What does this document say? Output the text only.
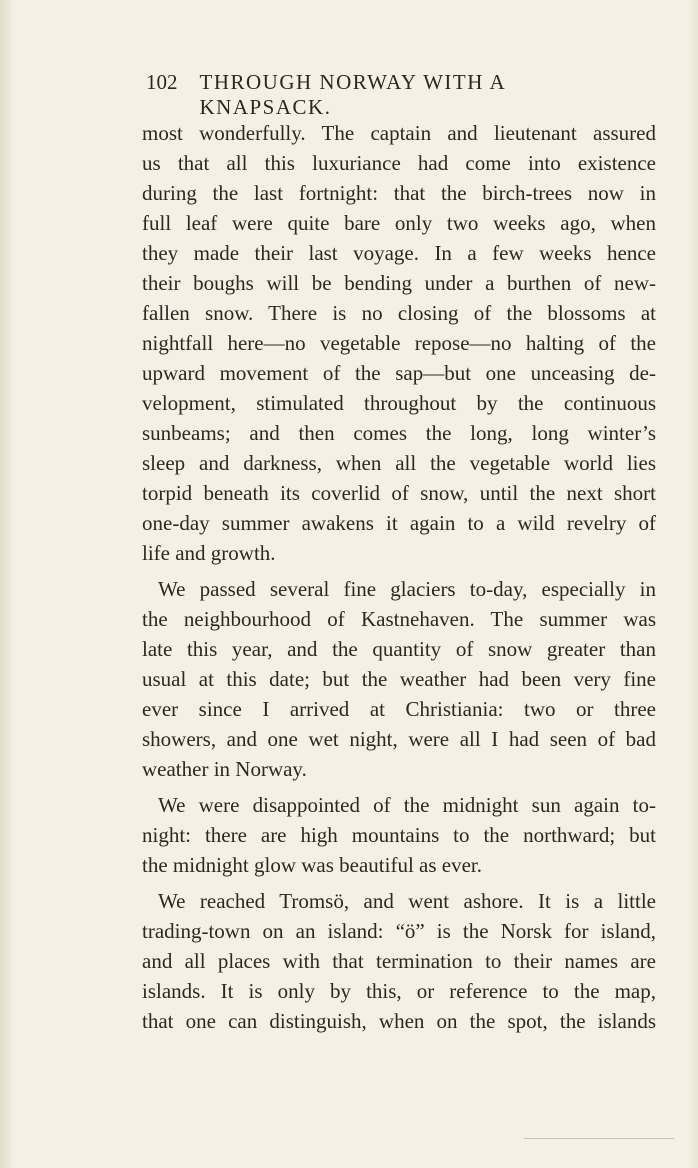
102 THROUGH NORWAY WITH A KNAPSACK.
most wonderfully. The captain and lieutenant assured
us that all this luxuriance had come into existence
during the last fortnight: that the birch-trees now in
full leaf were quite bare only two weeks ago, when
they made their last voyage. In a few weeks hence
their boughs will be bending under a burthen of new-
fallen snow. There is no closing of the blossoms at
nightfall here—no vegetable repose—no halting of the
upward movement of the sap—but one unceasing de-
velopment, stimulated throughout by the continuous
sunbeams; and then comes the long, long winter’s
sleep and darkness, when all the vegetable world lies
torpid beneath its coverlid of snow, until the next short
one-day summer awakens it again to a wild revelry of
life and growth.
We passed several fine glaciers to-day, especially in
the neighbourhood of Kastnehaven. The summer was
late this year, and the quantity of snow greater than
usual at this date; but the weather had been very fine
ever since I arrived at Christiania: two or three
showers, and one wet night, were all I had seen of bad
weather in Norway.
We were disappointed of the midnight sun again to-
night: there are high mountains to the northward; but
the midnight glow was beautiful as ever.
We reached Tromsö, and went ashore. It is a little
trading-town on an island: “ö” is the Norsk for island,
and all places with that termination to their names are
islands. It is only by this, or reference to the map,
that one can distinguish, when on the spot, the islands
